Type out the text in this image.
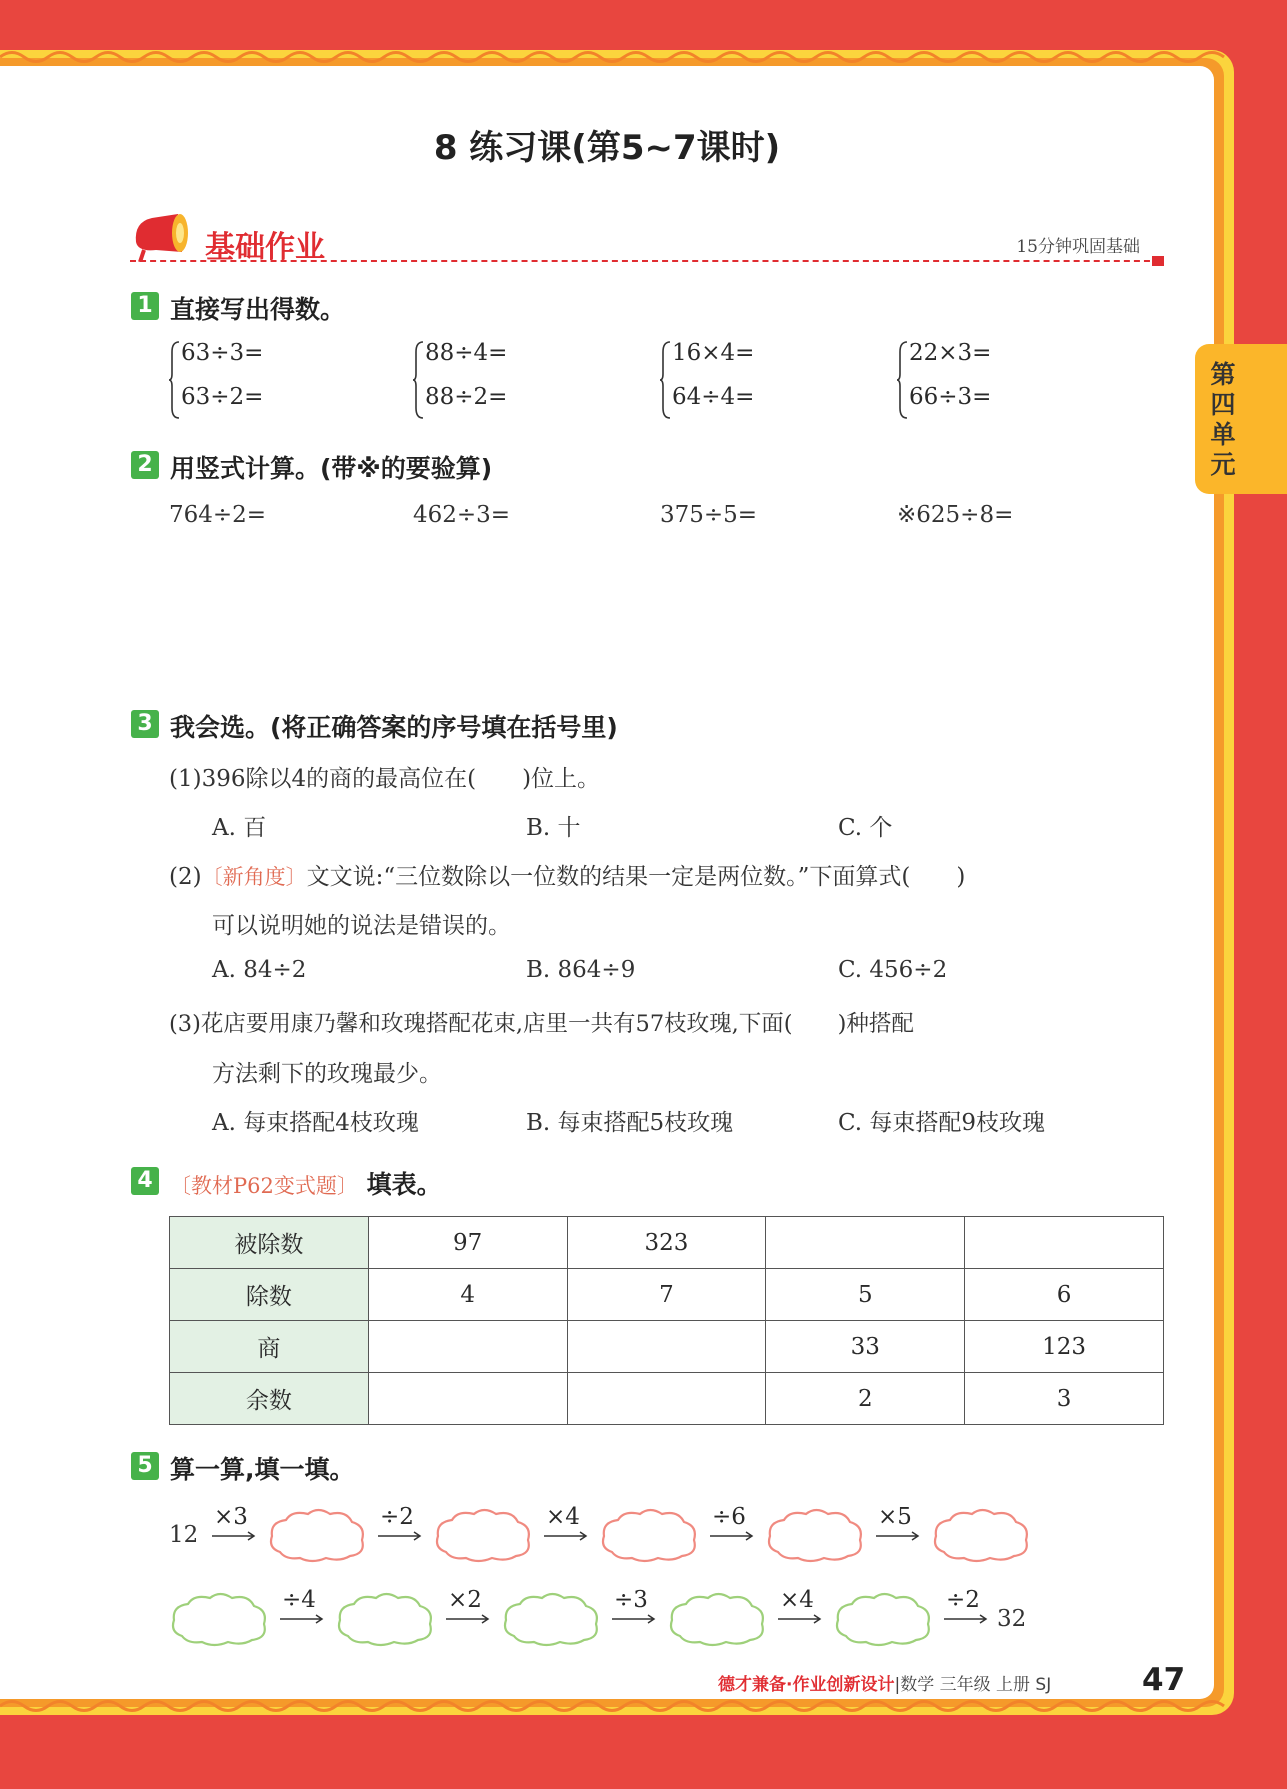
第四单元
8 练习课(第5~7课时)
基础作业	15分钟巩固基础
1 直接写出得数。
63÷3=
63÷2=
88÷4=
88÷2=
16×4=
64÷4=
22×3=
66÷3=
2 用竖式计算。(带※的要验算)
764÷2=	462÷3=	375÷5=	※625÷8=
3 我会选。(将正确答案的序号填在括号里)
(1)396除以4的商的最高位在(　　)位上。
A. 百	B. 十	C. 个
(2)〔新角度〕文文说:“三位数除以一位数的结果一定是两位数。”下面算式(　　)
可以说明她的说法是错误的。
A. 84÷2	B. 864÷9	C. 456÷2
(3)花店要用康乃馨和玫瑰搭配花束,店里一共有57枝玫瑰,下面(　　)种搭配
方法剩下的玫瑰最少。
A. 每束搭配4枝玫瑰	B. 每束搭配5枝玫瑰	C. 每束搭配9枝玫瑰
4 〔教材P62变式题〕 填表。
被除数	97	323		
除数	4	7	5	6
商			33	123
余数			2	3
5 算一算,填一填。
12
×3	÷2	×4	÷6	×5
÷4	×2	÷3	×4	÷2
32
德才兼备·作业创新设计|数学 三年级 上册 SJ	47
